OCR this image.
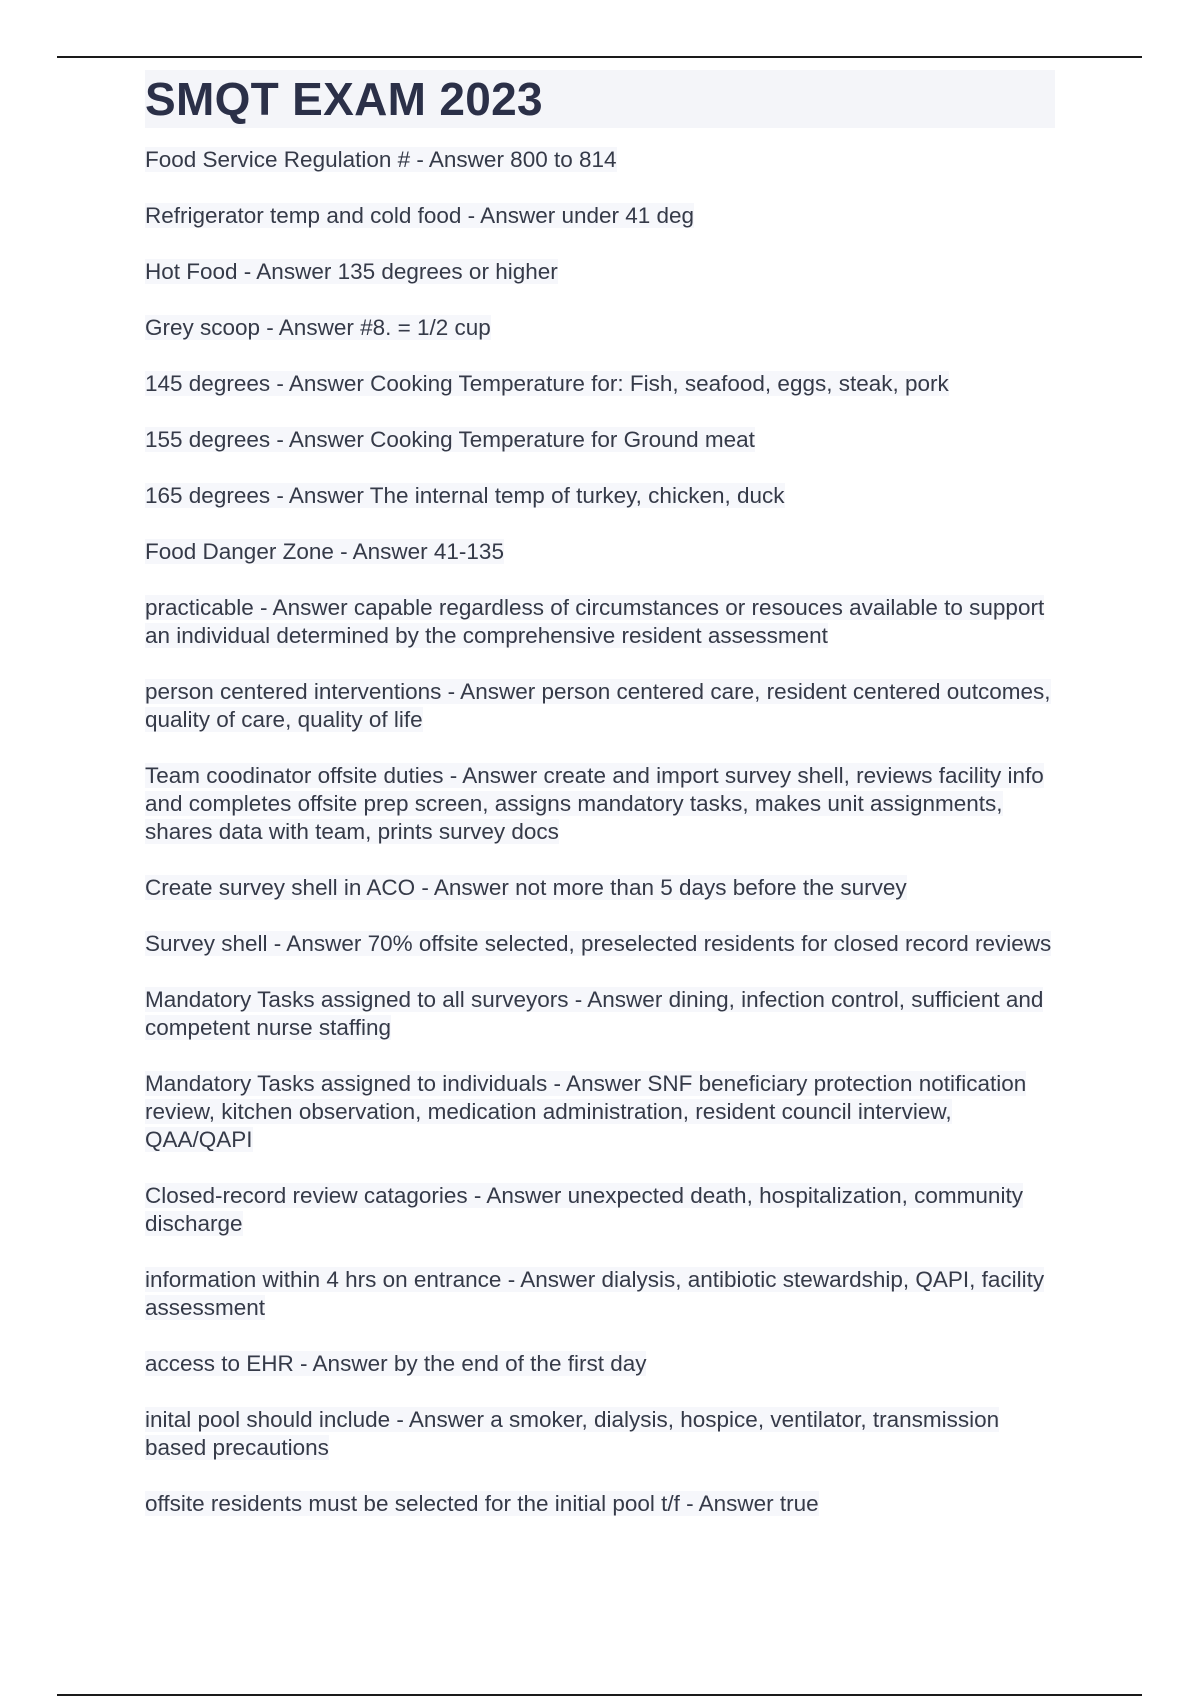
SMQT EXAM 2023
Food Service Regulation # - Answer 800 to 814
Refrigerator temp and cold food - Answer under 41 deg
Hot Food - Answer 135 degrees or higher
Grey scoop - Answer #8. = 1/2 cup
145 degrees - Answer Cooking Temperature for: Fish, seafood, eggs, steak, pork
155 degrees - Answer Cooking Temperature for Ground meat
165 degrees - Answer The internal temp of turkey, chicken, duck
Food Danger Zone - Answer 41-135
practicable - Answer capable regardless of circumstances or resouces available to support an individual determined by the comprehensive resident assessment
person centered interventions - Answer person centered care, resident centered outcomes, quality of care, quality of life
Team coodinator offsite duties - Answer create and import survey shell, reviews facility info and completes offsite prep screen, assigns mandatory tasks, makes unit assignments, shares data with team, prints survey docs
Create survey shell in ACO - Answer not more than 5 days before the survey
Survey shell - Answer 70% offsite selected, preselected residents for closed record reviews
Mandatory Tasks assigned to all surveyors - Answer dining, infection control, sufficient and competent nurse staffing
Mandatory Tasks assigned to individuals - Answer SNF beneficiary protection notification review, kitchen observation, medication administration, resident council interview, QAA/QAPI
Closed-record review catagories - Answer unexpected death, hospitalization, community discharge
information within 4 hrs on entrance - Answer dialysis, antibiotic stewardship, QAPI, facility assessment
access to EHR - Answer by the end of the first day
inital pool should include - Answer a smoker, dialysis, hospice, ventilator, transmission based precautions
offsite residents must be selected for the initial pool t/f - Answer true
